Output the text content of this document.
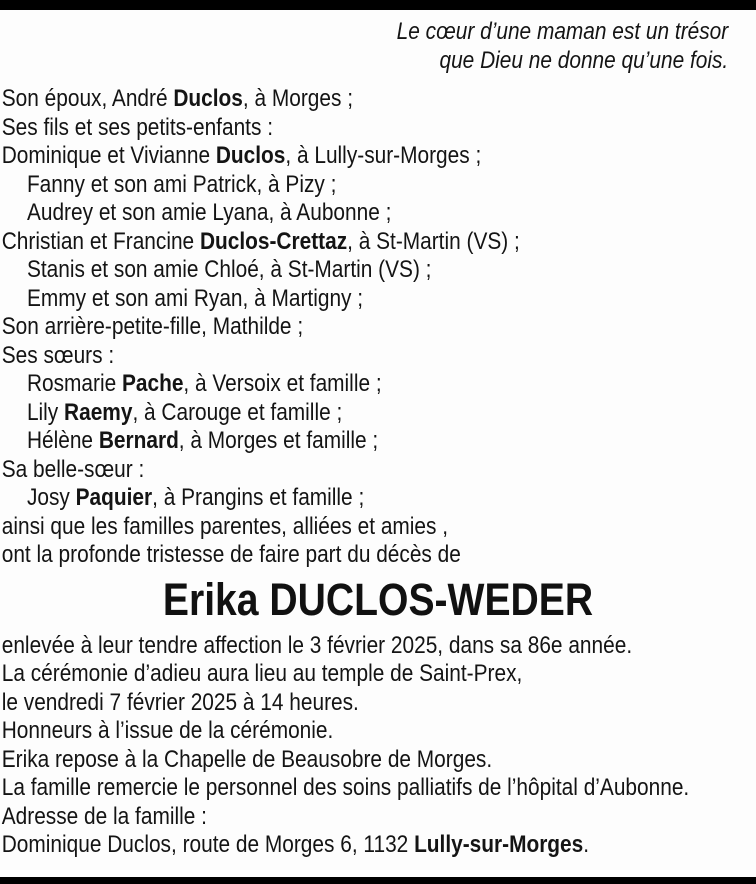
Le cœur d’une maman est un trésor
que Dieu ne donne qu’une fois.
Son époux, André Duclos, à Morges ;
Ses fils et ses petits-enfants :
Dominique et Vivianne Duclos, à Lully-sur-Morges ;
Fanny et son ami Patrick, à Pizy ;
Audrey et son amie Lyana, à Aubonne ;
Christian et Francine Duclos-Crettaz, à St-Martin (VS) ;
Stanis et son amie Chloé, à St-Martin (VS) ;
Emmy et son ami Ryan, à Martigny ;
Son arrière-petite-fille, Mathilde ;
Ses sœurs :
Rosmarie Pache, à Versoix et famille ;
Lily Raemy, à Carouge et famille ;
Hélène Bernard, à Morges et famille ;
Sa belle-sœur :
Josy Paquier, à Prangins et famille ;
ainsi que les familles parentes, alliées et amies ,
ont la profonde tristesse de faire part du décès de
Erika DUCLOS-WEDER
enlevée à leur tendre affection le 3 février 2025, dans sa 86e année.
La cérémonie d’adieu aura lieu au temple de Saint-Prex,
le vendredi 7 février 2025 à 14 heures.
Honneurs à l’issue de la cérémonie.
Erika repose à la Chapelle de Beausobre de Morges.
La famille remercie le personnel des soins palliatifs de l’hôpital d’Aubonne.
Adresse de la famille :
Dominique Duclos, route de Morges 6, 1132 Lully-sur-Morges.
